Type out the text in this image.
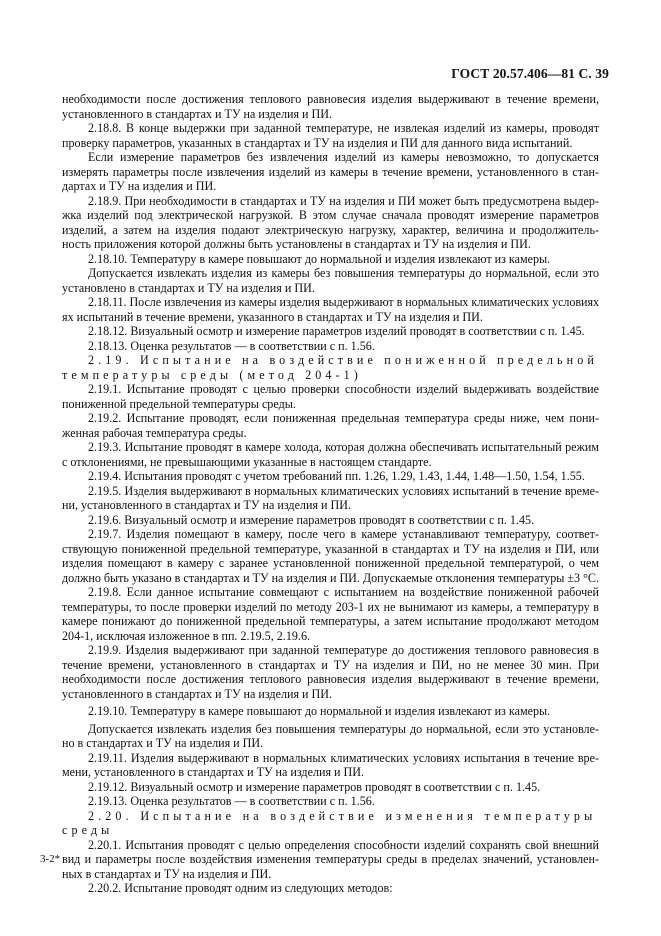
ГОСТ 20.57.406—81 С. 39
необходимости после достижения теплового равновесия изделия выдерживают в течение времени,
установленного в стандартах и ТУ на изделия и ПИ.
2.18.8. В конце выдержки при заданной температуре, не извлекая изделий из камеры, проводят
проверку параметров, указанных в стандартах и ТУ на изделия и ПИ для данного вида испытаний.
Если измерение параметров без извлечения изделий из камеры невозможно, то допускается
измерять параметры после извлечения изделий из камеры в течение времени, установленного в стан-
дартах и ТУ на изделия и ПИ.
2.18.9. При необходимости в стандартах и ТУ на изделия и ПИ может быть предусмотрена выдер-
жка изделий под электрической нагрузкой. В этом случае сначала проводят измерение параметров
изделий, а затем на изделия подают электрическую нагрузку, характер, величина и продолжитель-
ность приложения которой должны быть установлены в стандартах и ТУ на изделия и ПИ.
2.18.10. Температуру в камере повышают до нормальной и изделия извлекают из камеры.
Допускается извлекать изделия из камеры без повышения температуры до нормальной, если это
установлено в стандартах и ТУ на изделия и ПИ.
2.18.11. После извлечения из камеры изделия выдерживают в нормальных климатических условиях
ях испытаний в течение времени, указанного в стандартах и ТУ на изделия и ПИ.
2.18.12. Визуальный осмотр и измерение параметров изделий проводят в соответствии с п. 1.45.
2.18.13. Оценка результатов — в соответствии с п. 1.56.
2.19. Испытание на воздействие пониженной предельной
температуры среды (метод 204-1)
2.19.1. Испытание проводят с целью проверки способности изделий выдерживать воздействие
пониженной предельной температуры среды.
2.19.2. Испытание проводят, если пониженная предельная температура среды ниже, чем пони-
женная рабочая температура среды.
2.19.3. Испытание проводят в камере холода, которая должна обеспечивать испытательный режим
с отклонениями, не превышающими указанные в настоящем стандарте.
2.19.4. Испытания проводят с учетом требований пп. 1.26, 1.29, 1.43, 1.44, 1.48—1.50, 1.54, 1.55.
2.19.5. Изделия выдерживают в нормальных климатических условиях испытаний в течение време-
ни, установленного в стандартах и ТУ на изделия и ПИ.
2.19.6. Визуальный осмотр и измерение параметров проводят в соответствии с п. 1.45.
2.19.7. Изделия помещают в камеру, после чего в камере устанавливают температуру, соответ-
ствующую пониженной предельной температуре, указанной в стандартах и ТУ на изделия и ПИ, или
изделия помещают в камеру с заранее установленной пониженной предельной температурой, о чем
должно быть указано в стандартах и ТУ на изделия и ПИ. Допускаемые отклонения температуры ±3 °С.
2.19.8. Если данное испытание совмещают с испытанием на воздействие пониженной рабочей
температуры, то после проверки изделий по методу 203-1 их не вынимают из камеры, а температуру в
камере понижают до пониженной предельной температуры, а затем испытание продолжают методом
204-1, исключая изложенное в пп. 2.19.5, 2.19.6.
2.19.9. Изделия выдерживают при заданной температуре до достижения теплового равновесия в
течение времени, установленного в стандартах и ТУ на изделия и ПИ, но не менее 30 мин. При
необходимости после достижения теплового равновесия изделия выдерживают в течение времени,
установленного в стандартах и ТУ на изделия и ПИ.
2.19.10. Температуру в камере повышают до нормальной и изделия извлекают из камеры.
Допускается извлекать изделия без повышения температуры до нормальной, если это установле-
но в стандартах и ТУ на изделия и ПИ.
2.19.11. Изделия выдерживают в нормальных климатических условиях испытания в течение вре-
мени, установленного в стандартах и ТУ на изделия и ПИ.
2.19.12. Визуальный осмотр и измерение параметров проводят в соответствии с п. 1.45.
2.19.13. Оценка результатов — в соответствии с п. 1.56.
2.20. Испытание на воздействие изменения температуры
среды
2.20.1. Испытания проводят с целью определения способности изделий сохранять свой внешний
вид и параметры после воздействия изменения температуры среды в пределах значений, установлен-
ных в стандартах и ТУ на изделия и ПИ.
2.20.2. Испытание проводят одним из следующих методов:
3-2*
